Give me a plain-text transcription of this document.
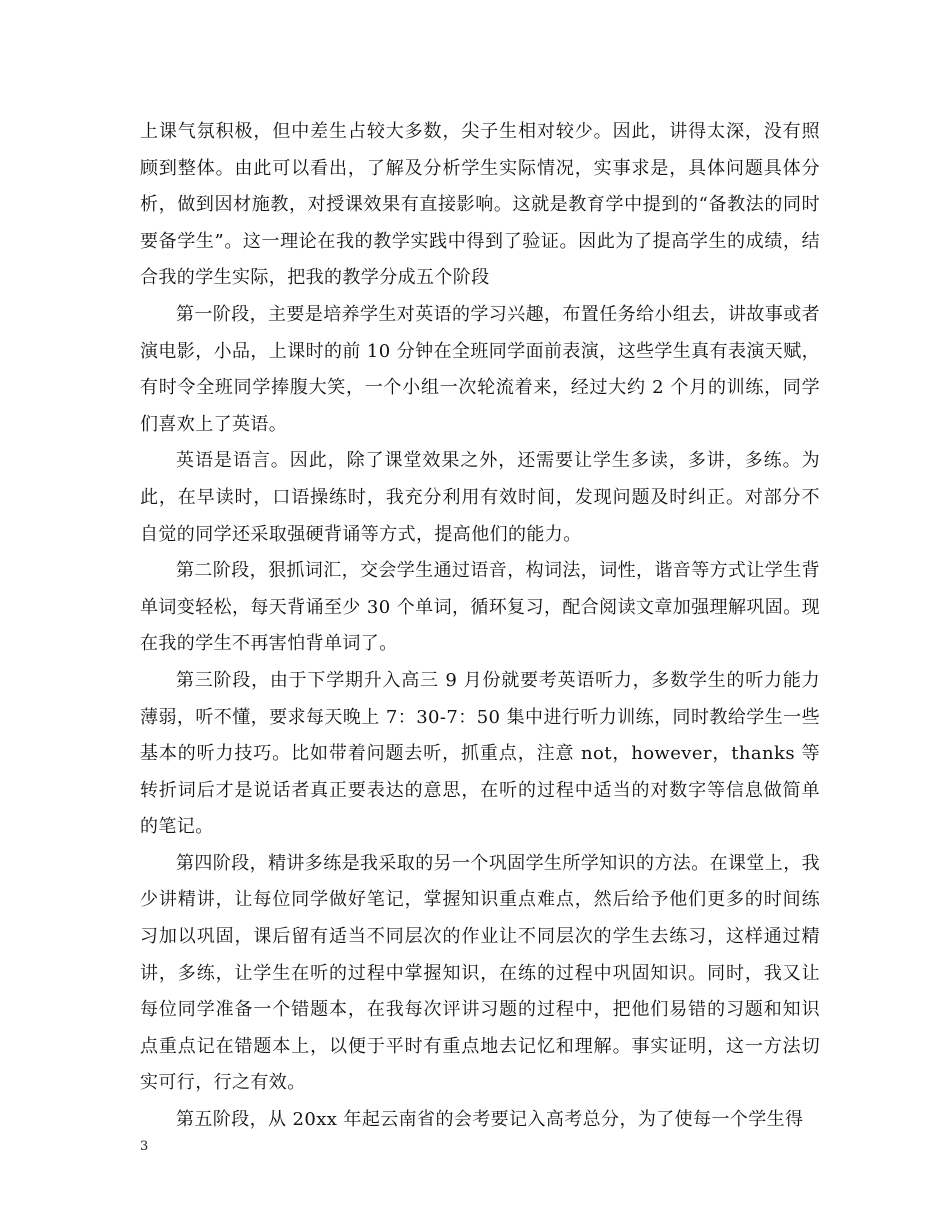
上课气氛积极，但中差生占较大多数，尖子生相对较少。因此，讲得太深，没有照顾到整体。由此可以看出，了解及分析学生实际情况，实事求是，具体问题具体分析，做到因材施教，对授课效果有直接影响。这就是教育学中提到的“备教法的同时要备学生”。这一理论在我的教学实践中得到了验证。因此为了提高学生的成绩，结合我的学生实际，把我的教学分成五个阶段

第一阶段，主要是培养学生对英语的学习兴趣，布置任务给小组去，讲故事或者演电影，小品，上课时的前 10 分钟在全班同学面前表演，这些学生真有表演天赋，有时令全班同学捧腹大笑，一个小组一次轮流着来，经过大约 2 个月的训练，同学们喜欢上了英语。

英语是语言。因此，除了课堂效果之外，还需要让学生多读，多讲，多练。为此，在早读时，口语操练时，我充分利用有效时间，发现问题及时纠正。对部分不自觉的同学还采取强硬背诵等方式，提高他们的能力。

第二阶段，狠抓词汇，交会学生通过语音，构词法，词性，谐音等方式让学生背单词变轻松，每天背诵至少 30 个单词，循环复习，配合阅读文章加强理解巩固。现在我的学生不再害怕背单词了。

第三阶段，由于下学期升入高三 9 月份就要考英语听力，多数学生的听力能力薄弱，听不懂，要求每天晚上 7：30-7：50 集中进行听力训练，同时教给学生一些基本的听力技巧。比如带着问题去听，抓重点，注意 not，however，thanks 等转折词后才是说话者真正要表达的意思，在听的过程中适当的对数字等信息做简单的笔记。

第四阶段，精讲多练是我采取的另一个巩固学生所学知识的方法。在课堂上，我少讲精讲，让每位同学做好笔记，掌握知识重点难点，然后给予他们更多的时间练习加以巩固，课后留有适当不同层次的作业让不同层次的学生去练习，这样通过精讲，多练，让学生在听的过程中掌握知识，在练的过程中巩固知识。同时，我又让每位同学准备一个错题本，在我每次评讲习题的过程中，把他们易错的习题和知识点重点记在错题本上，以便于平时有重点地去记忆和理解。事实证明，这一方法切实可行，行之有效。

第五阶段，从 20xx 年起云南省的会考要记入高考总分，为了使每一个学生得

3
